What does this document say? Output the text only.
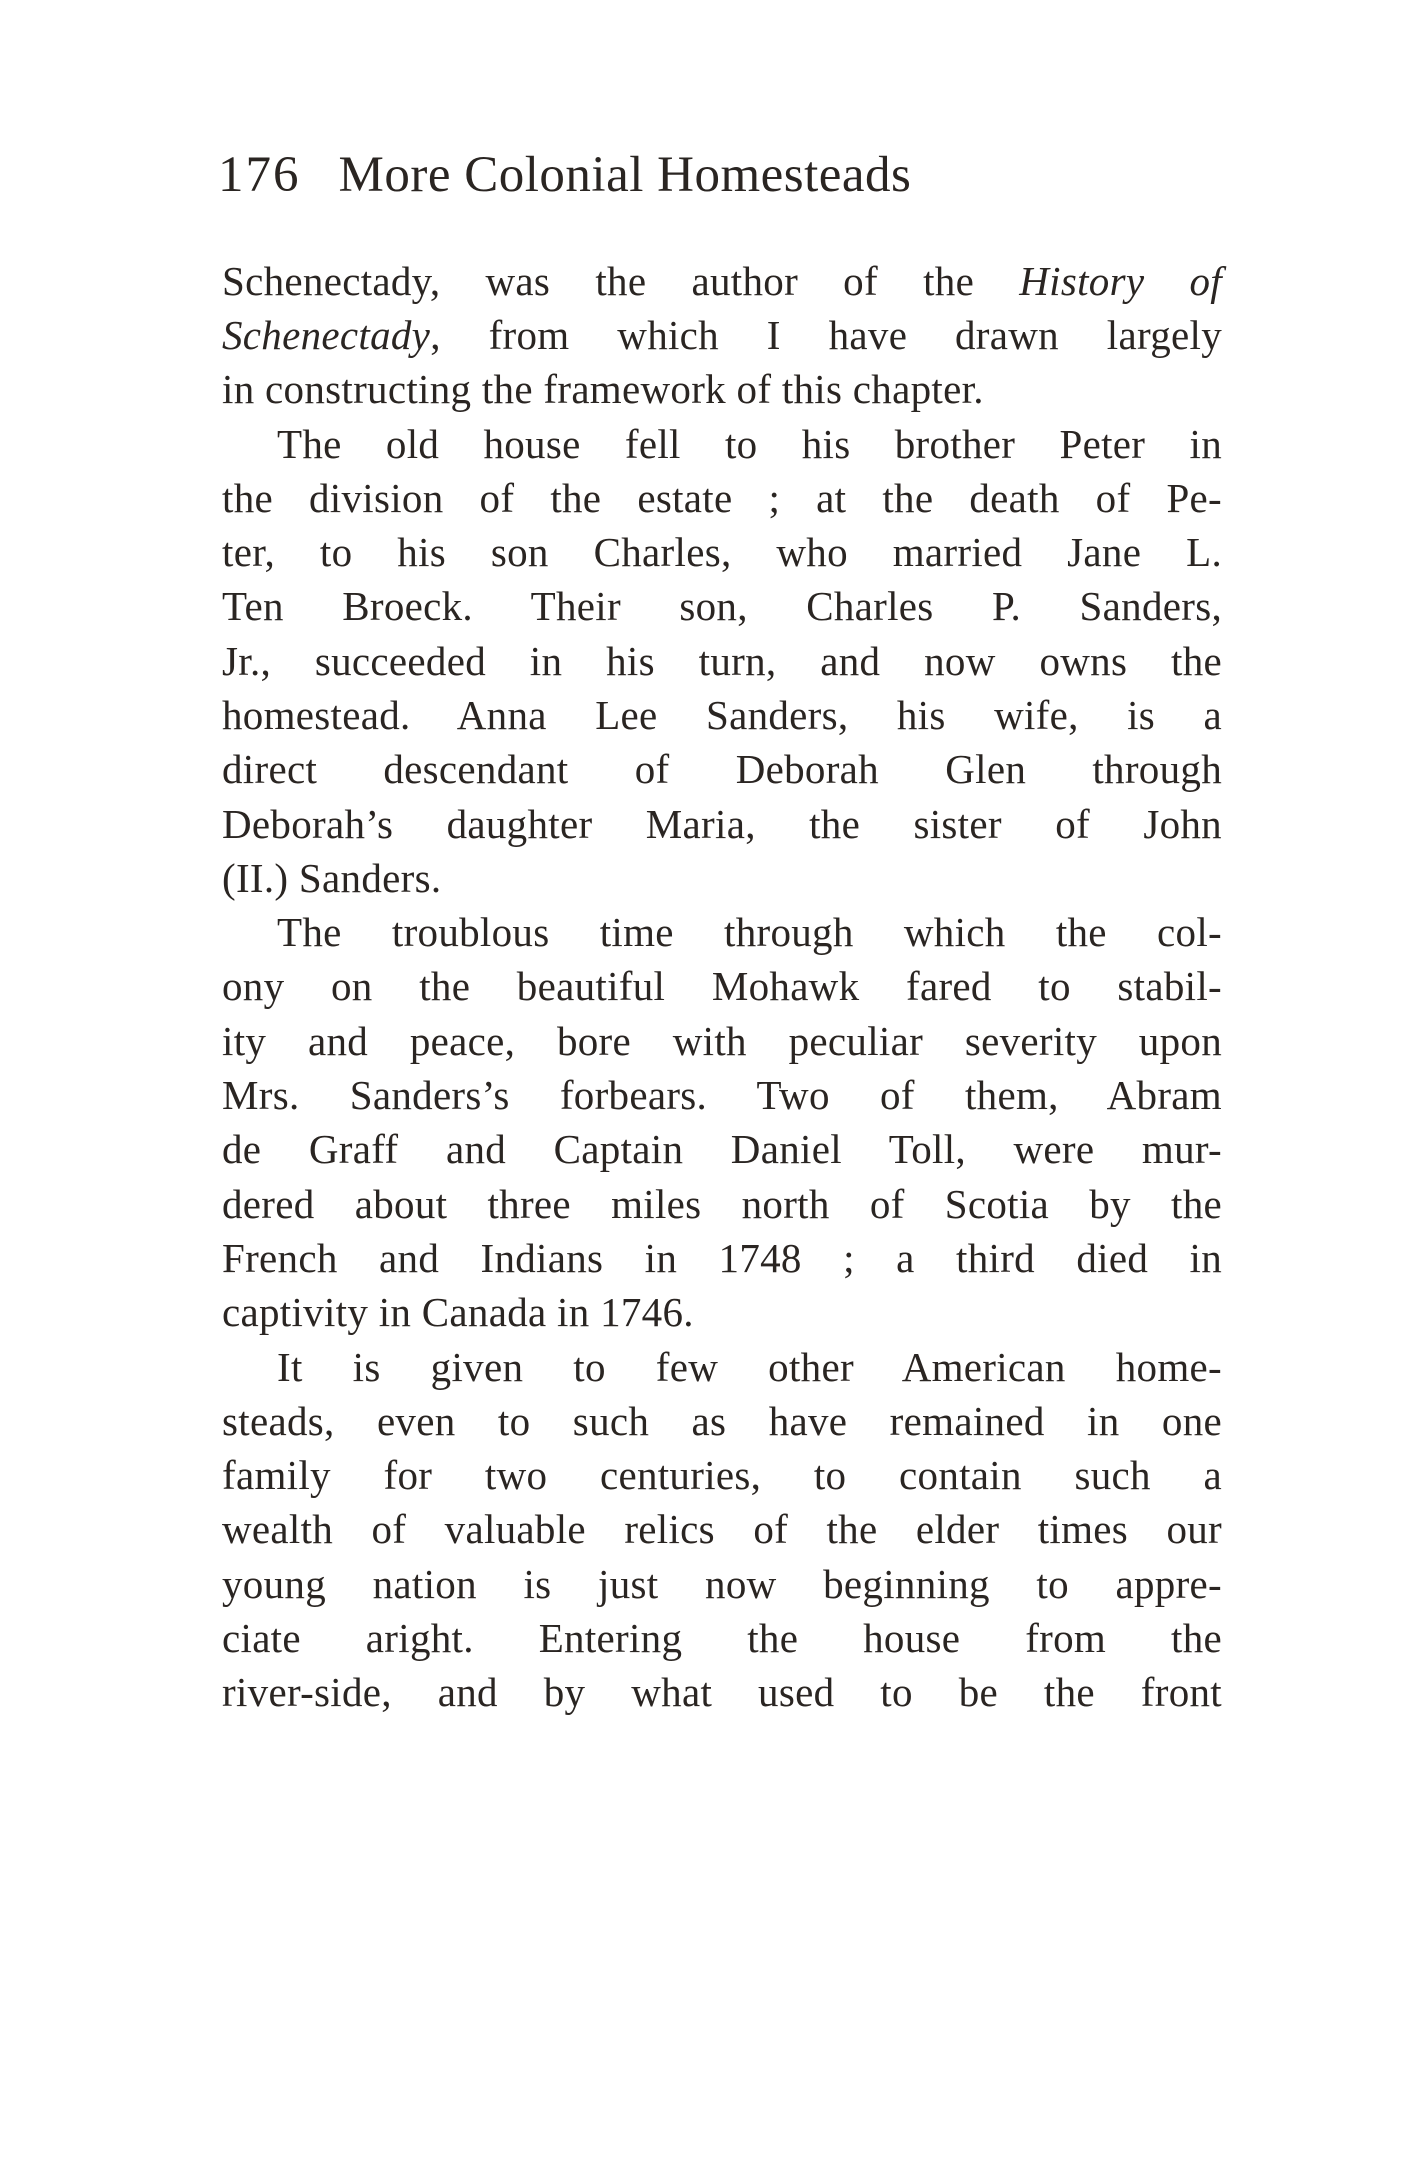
176 More Colonial Homesteads
Schenectady, was the author of the History of
Schenectady, from which I have drawn largely
in constructing the framework of this chapter.
The old house fell to his brother Peter in
the division of the estate ; at the death of Pe-
ter, to his son Charles, who married Jane L.
Ten Broeck. Their son, Charles P. Sanders,
Jr., succeeded in his turn, and now owns the
homestead. Anna Lee Sanders, his wife, is a
direct descendant of Deborah Glen through
Deborah’s daughter Maria, the sister of John
(II.) Sanders.
The troublous time through which the col-
ony on the beautiful Mohawk fared to stabil-
ity and peace, bore with peculiar severity upon
Mrs. Sanders’s forbears. Two of them, Abram
de Graff and Captain Daniel Toll, were mur-
dered about three miles north of Scotia by the
French and Indians in 1748 ; a third died in
captivity in Canada in 1746.
It is given to few other American home-
steads, even to such as have remained in one
family for two centuries, to contain such a
wealth of valuable relics of the elder times our
young nation is just now beginning to appre-
ciate aright. Entering the house from the
river-side, and by what used to be the front
